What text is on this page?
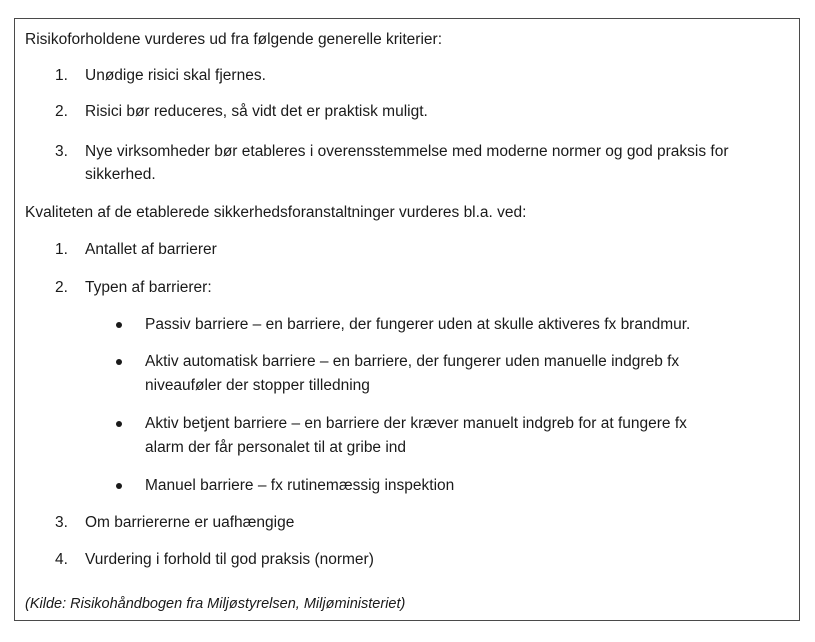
Risikoforholdene vurderes ud fra følgende generelle kriterier:
1. Unødige risici skal fjernes.
2. Risici bør reduceres, så vidt det er praktisk muligt.
3. Nye virksomheder bør etableres i overensstemmelse med moderne normer og god praksis for
sikkerhed.
Kvaliteten af de etablerede sikkerhedsforanstaltninger vurderes bl.a. ved:
1. Antallet af barrierer
2. Typen af barrierer:
Passiv barriere – en barriere, der fungerer uden at skulle aktiveres fx brandmur.
Aktiv automatisk barriere – en barriere, der fungerer uden manuelle indgreb fx
niveauføler der stopper tilledning
Aktiv betjent barriere – en barriere der kræver manuelt indgreb for at fungere fx
alarm der får personalet til at gribe ind
Manuel barriere – fx rutinemæssig inspektion
3. Om barriererne er uafhængige
4. Vurdering i forhold til god praksis (normer)
(Kilde: Risikohåndbogen fra Miljøstyrelsen, Miljøministeriet)
